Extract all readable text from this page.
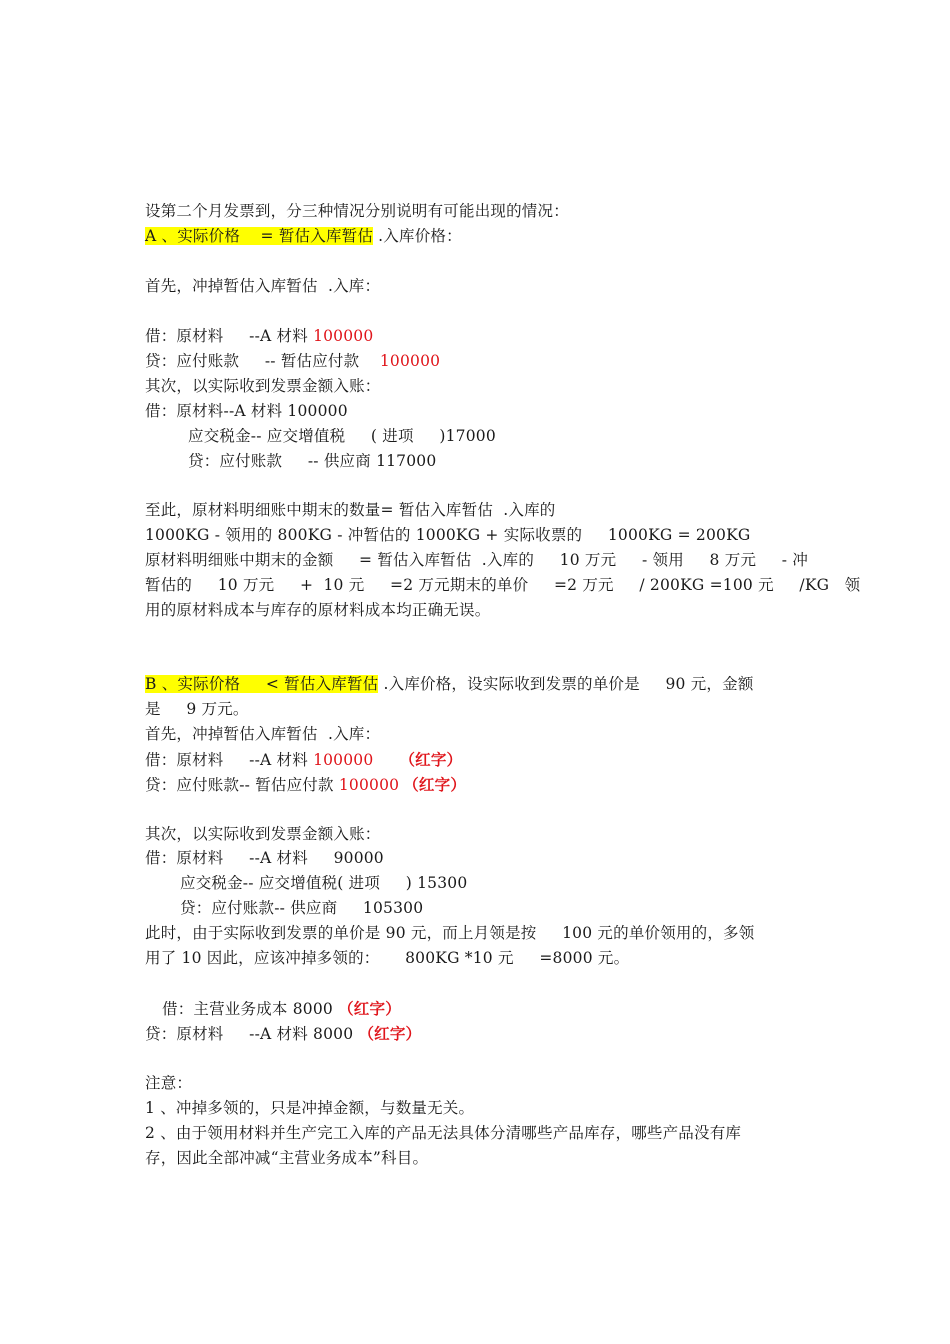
设第二个月发票到，分三种情况分别说明有可能出现的情况：
A 、实际价格    = 暂估入库暂估 .入库价格：
首先，冲掉暂估入库暂估  .入库：
借：原材料     --A 材料 100000
贷：应付账款     -- 暂估应付款    100000
其次，以实际收到发票金额入账：
借：原材料--A 材料 100000
应交税金-- 应交增值税     ( 进项     )17000
贷：应付账款     -- 供应商 117000
至此，原材料明细账中期末的数量= 暂估入库暂估  .入库的
1000KG - 领用的 800KG - 冲暂估的 1000KG + 实际收票的     1000KG = 200KG
原材料明细账中期末的金额     = 暂估入库暂估  .入库的     10 万元     - 领用     8 万元     - 冲
暂估的     10 万元     +  10 元     =2 万元期末的单价     =2 万元     / 200KG =100 元     /KG   领
用的原材料成本与库存的原材料成本均正确无误。
B 、实际价格     < 暂估入库暂估 .入库价格，设实际收到发票的单价是     90 元，金额
是     9 万元。
首先，冲掉暂估入库暂估  .入库：
借：原材料     --A 材料 100000 （红字）
贷：应付账款-- 暂估应付款 100000 （红字）
其次，以实际收到发票金额入账：
借：原材料     --A 材料     90000
应交税金-- 应交增值税( 进项     ) 15300
贷：应付账款-- 供应商     105300
此时，由于实际收到发票的单价是 90 元，而上月领是按     100 元的单价领用的，多领
用了 10 因此，应该冲掉多领的：     800KG *10 元     =8000 元。
借：主营业务成本 8000 （红字）
贷：原材料     --A 材料 8000 （红字）
注意：
1 、冲掉多领的，只是冲掉金额，与数量无关。
2 、由于领用材料并生产完工入库的产品无法具体分清哪些产品库存，哪些产品没有库
存，因此全部冲减“主营业务成本”科目。
